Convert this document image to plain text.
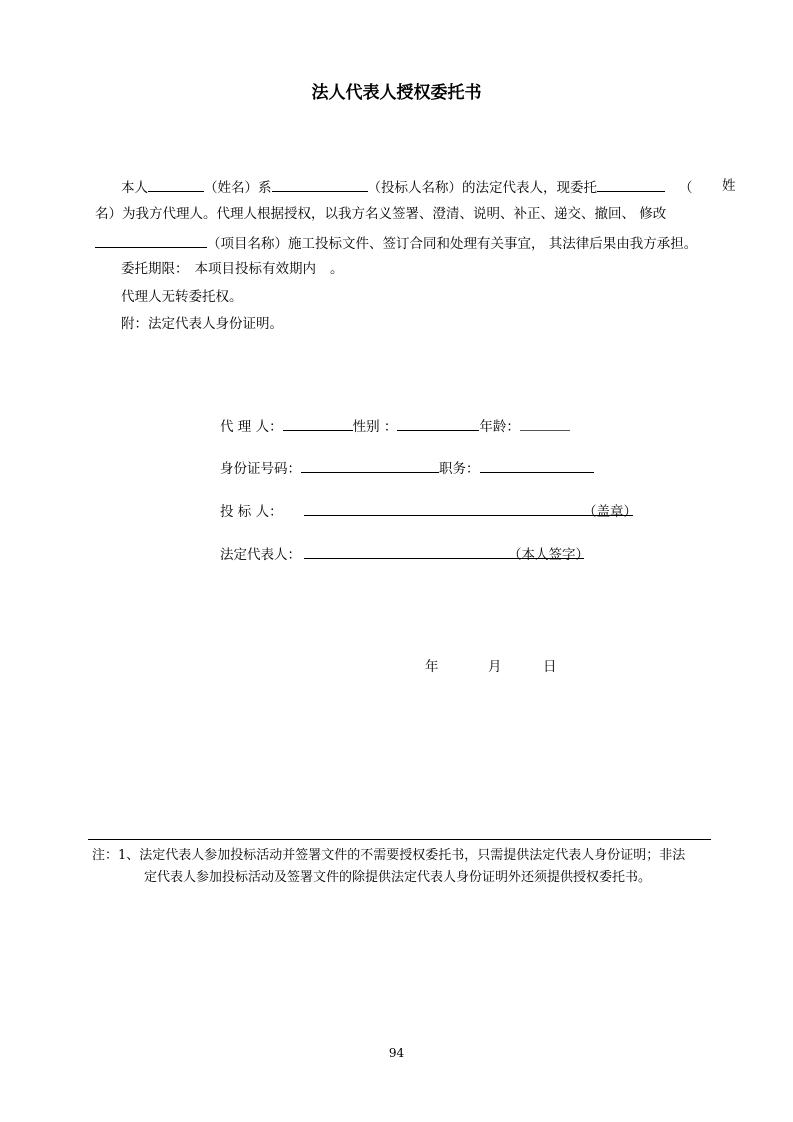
法人代表人授权委托书
本人	（姓名）系	（投标人名称）的法定代表人，现委托	（ 姓
名）为我方代理人。代理人根据授权，以我方名义签署、澄清、说明、补正、递交、撤回、 修改
（项目名称）施工投标文件、签订合同和处理有关事宜， 其法律后果由我方承担。
委托期限： 本项目投标有效期内 。
代理人无转委托权。
附：法定代表人身份证明。
代 理 人：	性别 ：	年龄：
身份证号码：	职务：
投 标 人：	（盖章）
法定代表人：	（本人签字）
年	月	日
注：1、法定代表人参加投标活动并签署文件的不需要授权委托书，只需提供法定代表人身份证明；非法
定代表人参加投标活动及签署文件的除提供法定代表人身份证明外还须提供授权委托书。
94
